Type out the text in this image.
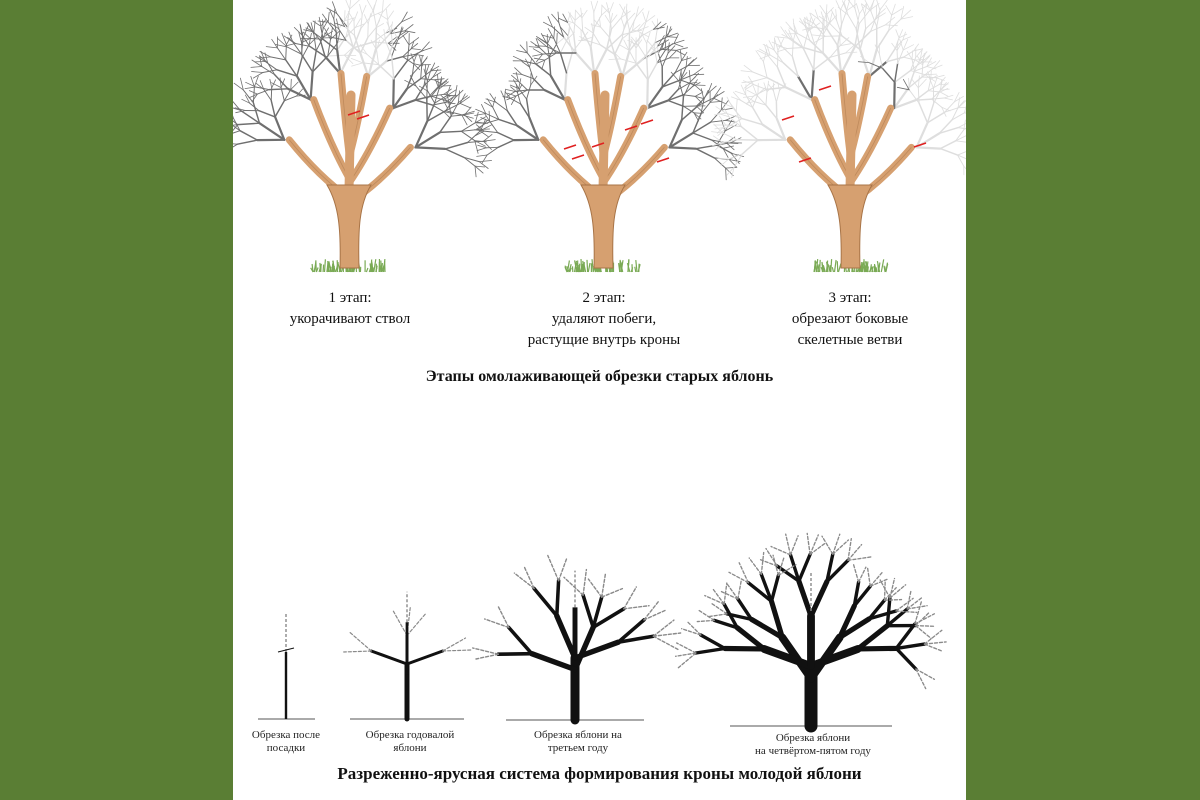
1 этап:
укорачивают ствол
2 этап:
удаляют побеги,
растущие внутрь кроны
3 этап:
обрезают боковые
скелетные ветви
Этапы омолаживающей обрезки старых яблонь
Обрезка после
посадки
Обрезка годовалой
яблони
Обрезка яблони на
третьем году
Обрезка яблони
на четвёртом-пятом году
Разреженно-ярусная система формирования кроны молодой яблони
